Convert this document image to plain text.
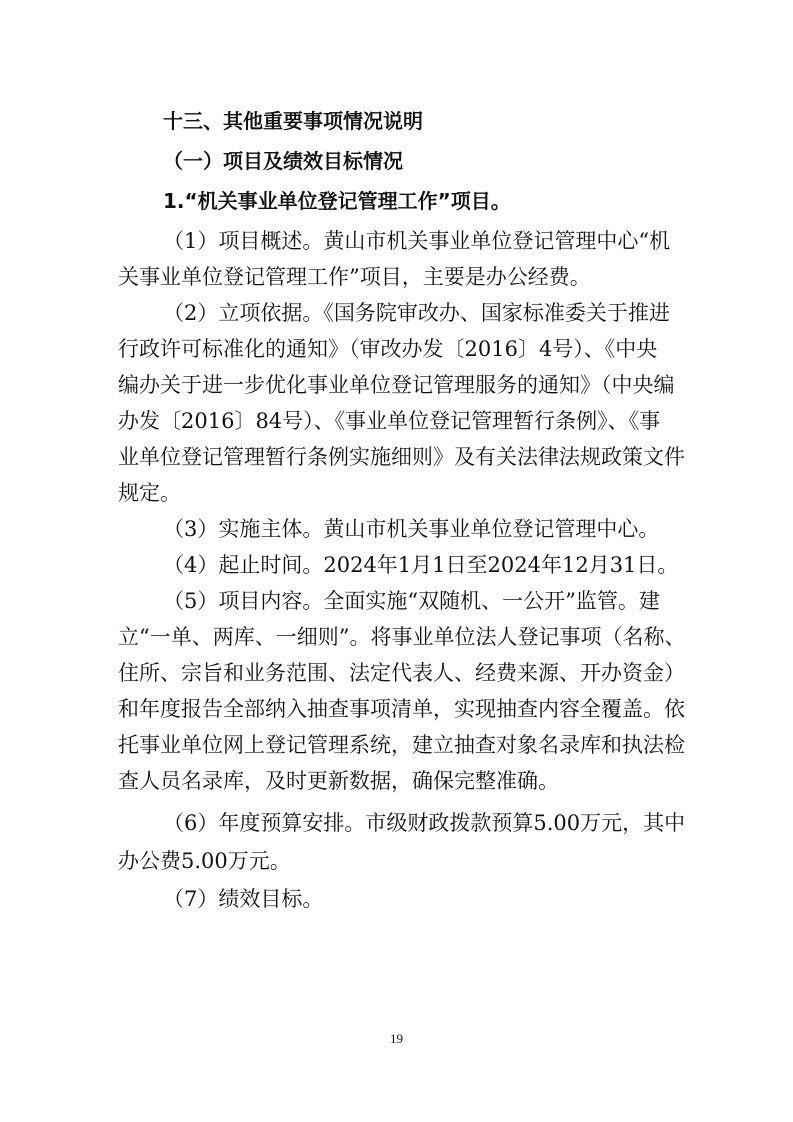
十三、其他重要事项情况说明
（一）项目及绩效目标情况
1.“机关事业单位登记管理工作”项目。
（1）项目概述。黄山市机关事业单位登记管理中心“机
关事业单位登记管理工作”项目，主要是办公经费。
（2）立项依据。《国务院审改办、国家标准委关于推进
行政许可标准化的通知》（审改办发〔2016〕4号）、《中央
编办关于进一步优化事业单位登记管理服务的通知》（中央编
办发〔2016〕84号）、《事业单位登记管理暂行条例》、《事
业单位登记管理暂行条例实施细则》及有关法律法规政策文件
规定。
（3）实施主体。黄山市机关事业单位登记管理中心。
（4）起止时间。2024年1月1日至2024年12月31日。
（5）项目内容。全面实施“双随机、一公开”监管。建
立“一单、两库、一细则”。将事业单位法人登记事项（名称、
住所、宗旨和业务范围、法定代表人、经费来源、开办资金）
和年度报告全部纳入抽查事项清单，实现抽查内容全覆盖。依
托事业单位网上登记管理系统，建立抽查对象名录库和执法检
查人员名录库，及时更新数据，确保完整准确。
（6）年度预算安排。市级财政拨款预算5.00万元，其中
办公费5.00万元。
（7）绩效目标。
19
